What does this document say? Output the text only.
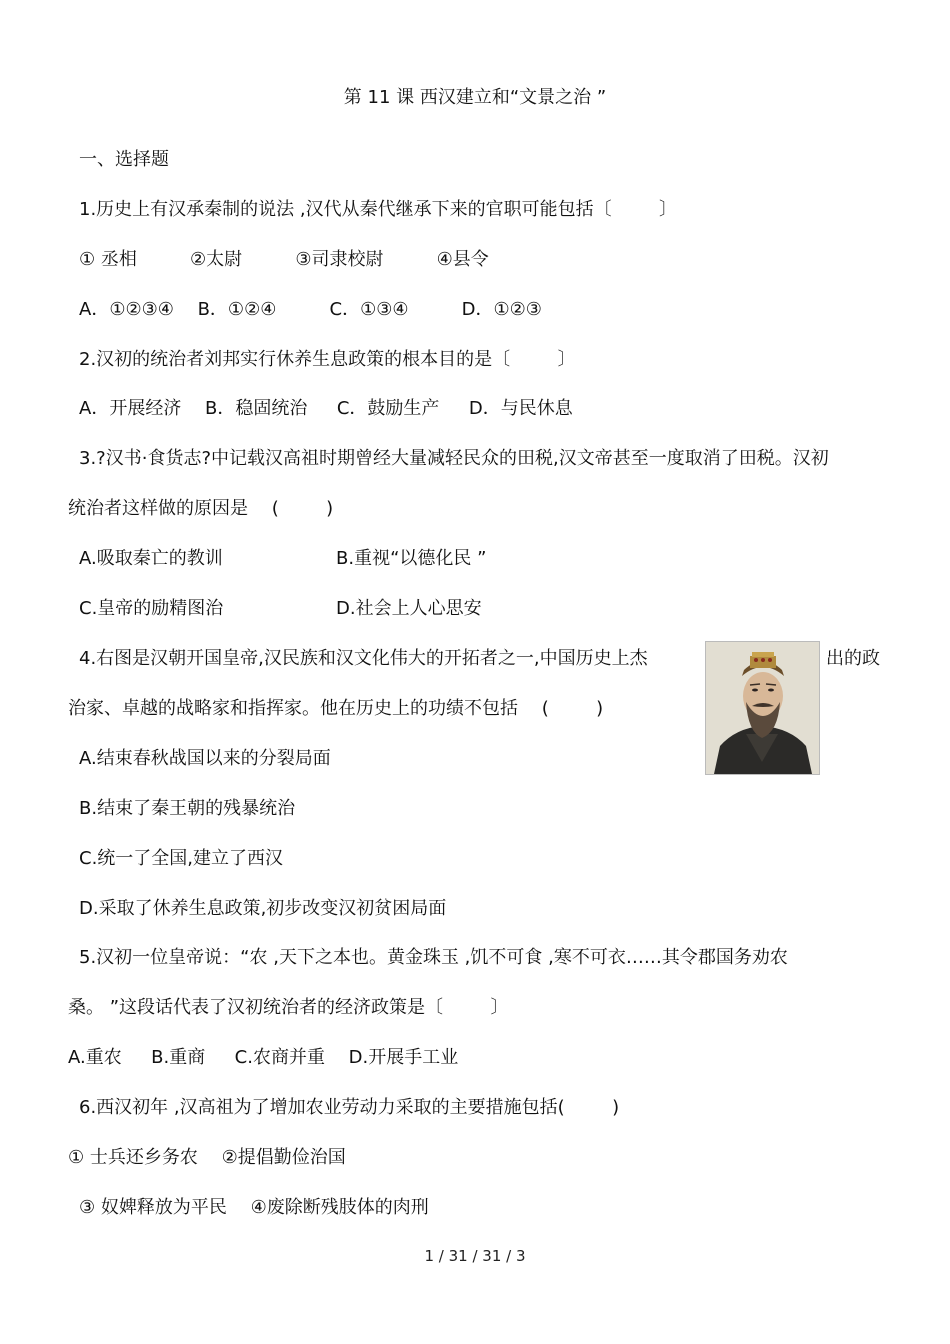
第 11 课 西汉建立和“文景之治 ”
一、选择题
1.历史上有汉承秦制的说法 ,汉代从秦代继承下来的官职可能包括〔 　 　〕
① 丞相 　 　 ②太尉 　 　 ③司隶校尉 　 　 ④县令
A．①②③④ 　B．①②④ 　 　 C．①③④ 　 　 D．①②③
2.汉初的统治者刘邦实行休养生息政策的根本目的是〔 　 　〕
A．开展经济 　B．稳固统治 　 C．鼓励生产 　 D．与民休息
3.?汉书·食货志?中记载汉高祖时期曾经大量减轻民众的田税,汉文帝甚至一度取消了田税。汉初
统治者这样做的原因是 　( 　 　)
A.吸取秦亡的教训	B.重视“以德化民 ”
C.皇帝的励精图治	D.社会上人心思安
4.右图是汉朝开国皇帝,汉民族和汉文化伟大的开拓者之一,中国历史上杰	出的政
治家、卓越的战略家和指挥家。他在历史上的功绩不包括 　( 　 　)
A.结束春秋战国以来的分裂局面
B.结束了秦王朝的残暴统治
C.统一了全国,建立了西汉
D.采取了休养生息政策,初步改变汉初贫困局面
5.汉初一位皇帝说：“农 ,天下之本也。黄金珠玉 ,饥不可食 ,寒不可衣……其令郡国务劝农
桑。 ”这段话代表了汉初统治者的经济政策是〔 　 　〕
A.重农 　 B.重商 　 C.农商并重 　D.开展手工业
6.西汉初年 ,汉高祖为了增加农业劳动力采取的主要措施包括( 　 　)
① 士兵还乡务农 　②提倡勤俭治国
③ 奴婢释放为平民 　④废除断残肢体的肉刑
1 / 31 / 31 / 3
